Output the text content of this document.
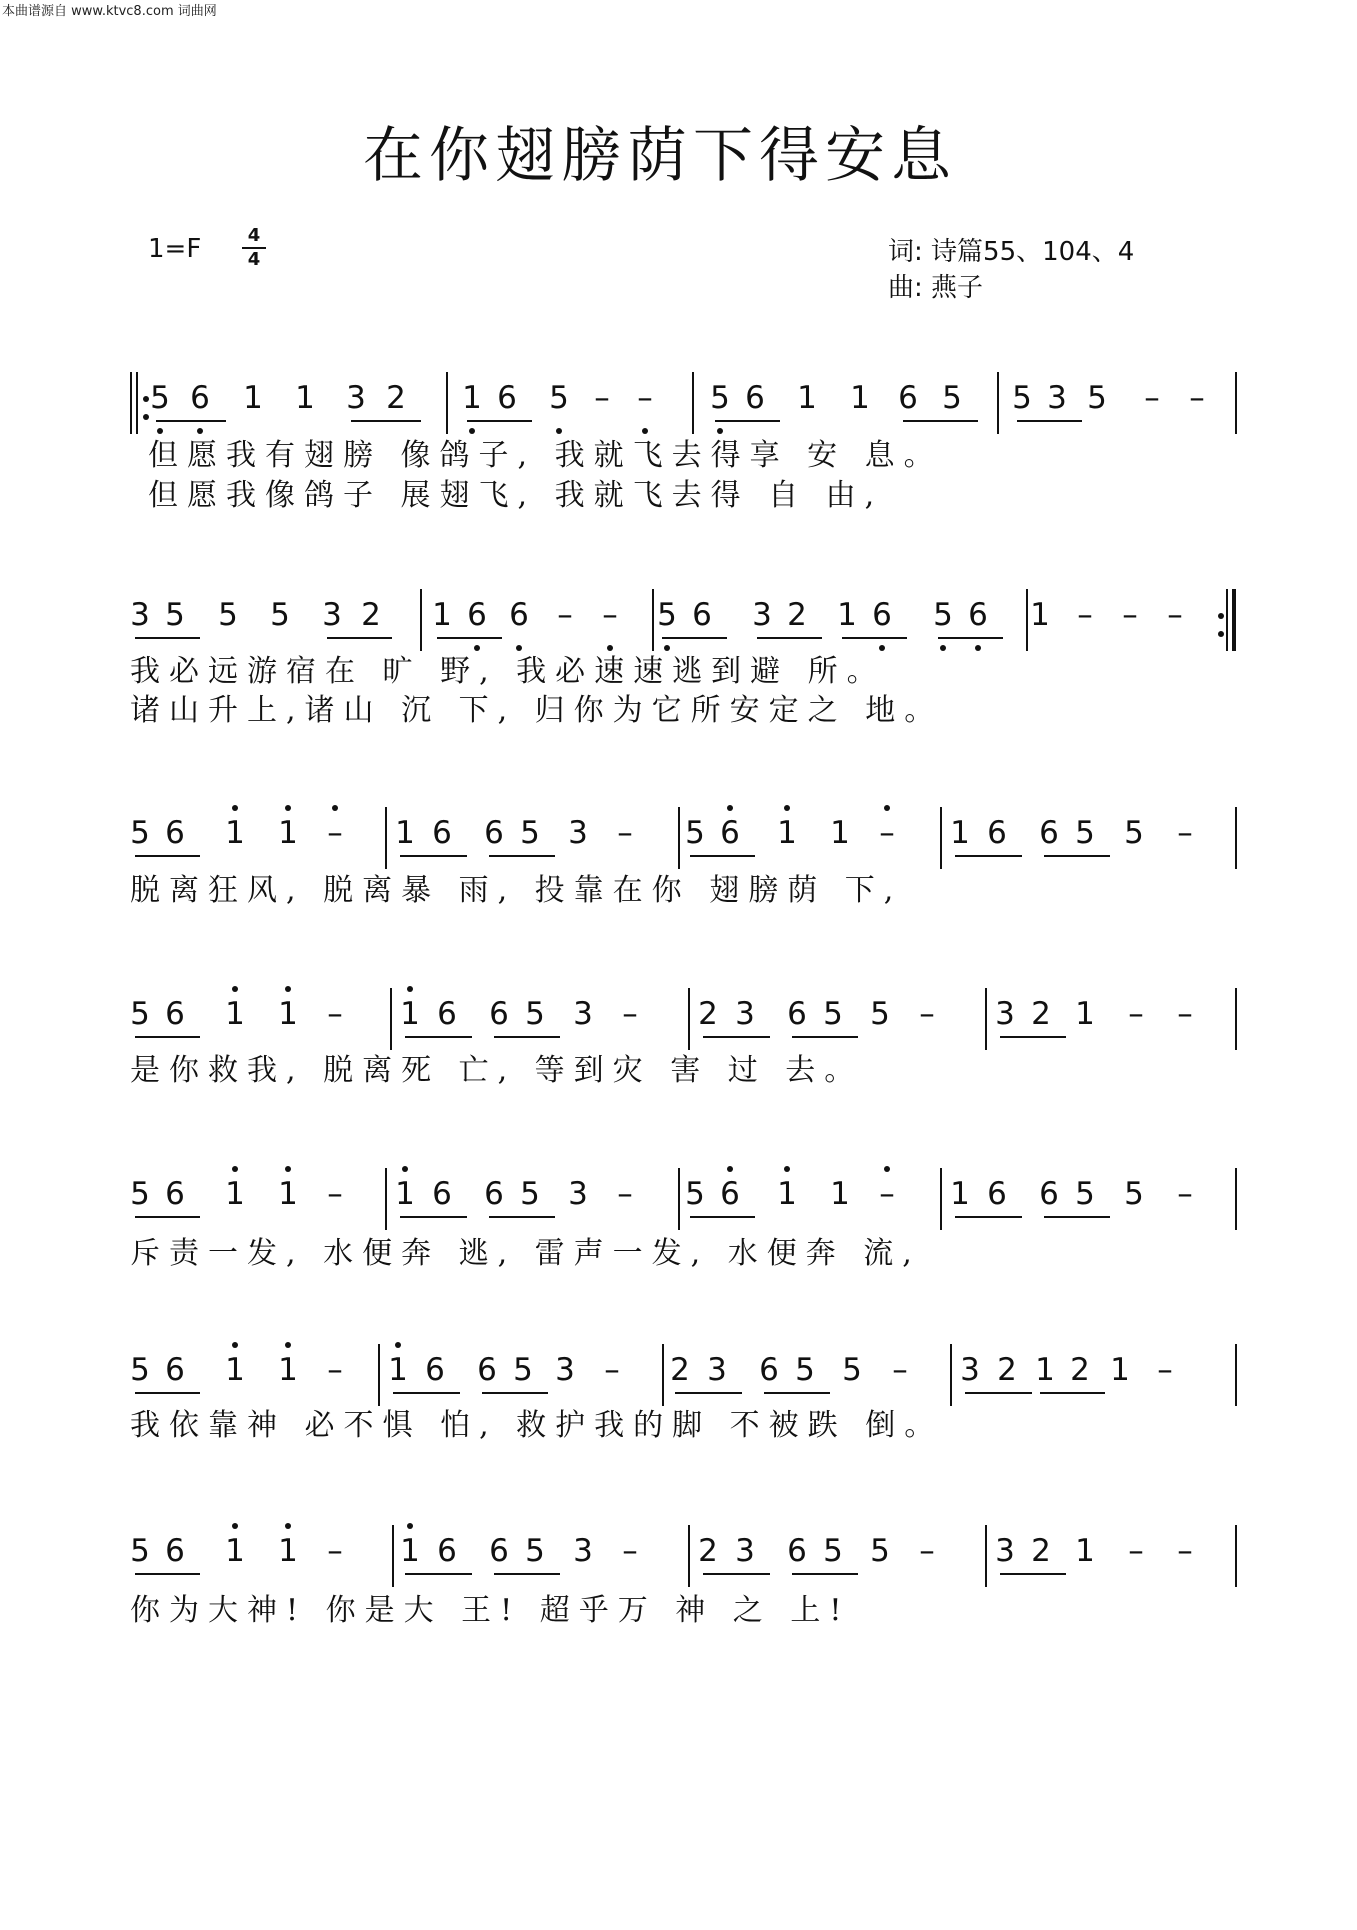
本曲谱源自 www.ktvc8.com 词曲网
在你翅膀荫下得安息
1=F	4
4	词: 诗篇55、104、4
曲: 燕子
5 6 1 1 3 2 1 6 5 – – 5 6 1 1 6 5 5 3 5 – –
但愿我有翅膀 像鸽子, 我就飞去得享 安 息。
但愿我像鸽子 展翅飞, 我就飞去得 自 由,
3 5 5 5 3 2 1 6 6 – – 5 6 3 2 1 6 5 6 1 – – –
我必远游宿在 旷 野, 我必速速逃到避 所。
诸山升上,诸山 沉 下, 归你为它所安定之 地。
5 6 1 1 – 1 6 6 5 3 – 5 6 1 1 – 1 6 6 5 5 –
脱离狂风, 脱离暴 雨, 投靠在你 翅膀荫 下,
5 6 1 1 – 1 6 6 5 3 – 2 3 6 5 5 – 3 2 1 – –
是你救我, 脱离死 亡, 等到灾 害 过 去。
5 6 1 1 – 1 6 6 5 3 – 5 6 1 1 – 1 6 6 5 5 –
斥责一发, 水便奔 逃, 雷声一发, 水便奔 流,
5 6 1 1 – 1 6 6 5 3 – 2 3 6 5 5 – 3 2 1 2 1 –
我依靠神 必不惧 怕, 救护我的脚 不被跌 倒。
5 6 1 1 – 1 6 6 5 3 – 2 3 6 5 5 – 3 2 1 – –
你为大神! 你是大 王! 超乎万 神 之 上!
